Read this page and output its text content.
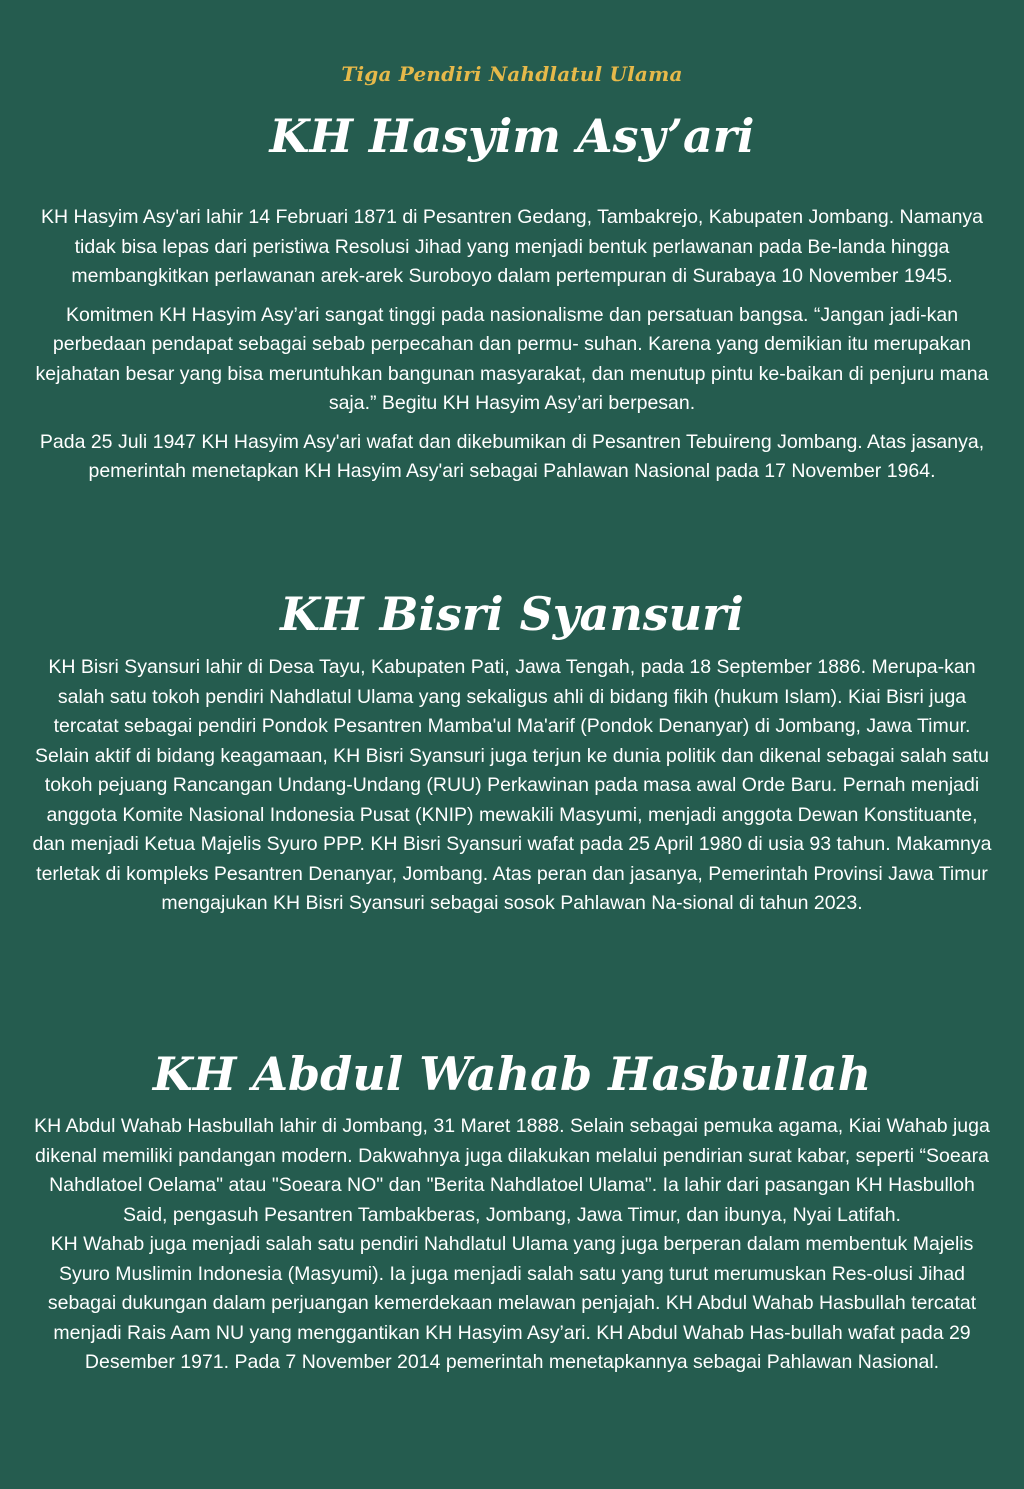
Tiga Pendiri Nahdlatul Ulama
KH Hasyim Asy’ari

KH Hasyim Asy'ari lahir 14 Februari 1871 di Pesantren Gedang, Tambakrejo, Kabupaten Jombang. Namanya tidak bisa lepas dari peristiwa Resolusi Jihad yang menjadi bentuk perlawanan pada Be-landa hingga membangkitkan perlawanan arek-arek Suroboyo dalam pertempuran di Surabaya 10 November 1945.

Komitmen KH Hasyim Asy’ari sangat tinggi pada nasionalisme dan persatuan bangsa. “Jangan jadi-kan perbedaan pendapat sebagai sebab perpecahan dan permu- suhan. Karena yang demikian itu merupakan kejahatan besar yang bisa meruntuhkan bangunan masyarakat, dan menutup pintu ke-baikan di penjuru mana saja.” Begitu KH Hasyim Asy’ari berpesan.

Pada 25 Juli 1947 KH Hasyim Asy'ari wafat dan dikebumikan di Pesantren Tebuireng Jombang. Atas jasanya, pemerintah menetapkan KH Hasyim Asy'ari sebagai Pahlawan Nasional pada 17 November 1964.

KH Bisri Syansuri

KH Bisri Syansuri lahir di Desa Tayu, Kabupaten Pati, Jawa Tengah, pada 18 September 1886. Merupa-kan salah satu tokoh pendiri Nahdlatul Ulama yang sekaligus ahli di bidang fikih (hukum Islam). Kiai Bisri juga tercatat sebagai pendiri Pondok Pesantren Mamba'ul Ma'arif (Pondok Denanyar) di Jombang, Jawa Timur.

Selain aktif di bidang keagamaan, KH Bisri Syansuri juga terjun ke dunia politik dan dikenal sebagai salah satu tokoh pejuang Rancangan Undang-Undang (RUU) Perkawinan pada masa awal Orde Baru. Pernah menjadi anggota Komite Nasional Indonesia Pusat (KNIP) mewakili Masyumi, menjadi anggota Dewan Konstituante, dan menjadi Ketua Majelis Syuro PPP. KH Bisri Syansuri wafat pada 25 April 1980 di usia 93 tahun. Makamnya terletak di kompleks Pesantren Denanyar, Jombang. Atas peran dan jasanya, Pemerintah Provinsi Jawa Timur mengajukan KH Bisri Syansuri sebagai sosok Pahlawan Na-sional di tahun 2023.

KH Abdul Wahab Hasbullah

KH Abdul Wahab Hasbullah lahir di Jombang, 31 Maret 1888. Selain sebagai pemuka agama, Kiai Wahab juga dikenal memiliki pandangan modern. Dakwahnya juga dilakukan melalui pendirian surat kabar, seperti “Soeara Nahdlatoel Oelama" atau "Soeara NO" dan "Berita Nahdlatoel Ulama". Ia lahir dari pasangan KH Hasbulloh Said, pengasuh Pesantren Tambakberas, Jombang, Jawa Timur, dan ibunya, Nyai Latifah.

KH Wahab juga menjadi salah satu pendiri Nahdlatul Ulama yang juga berperan dalam membentuk Majelis Syuro Muslimin Indonesia (Masyumi). Ia juga menjadi salah satu yang turut merumuskan Res-olusi Jihad sebagai dukungan dalam perjuangan kemerdekaan melawan penjajah. KH Abdul Wahab Hasbullah tercatat menjadi Rais Aam NU yang menggantikan KH Hasyim Asy’ari. KH Abdul Wahab Has-bullah wafat pada 29 Desember 1971. Pada 7 November 2014 pemerintah menetapkannya sebagai Pahlawan Nasional.
